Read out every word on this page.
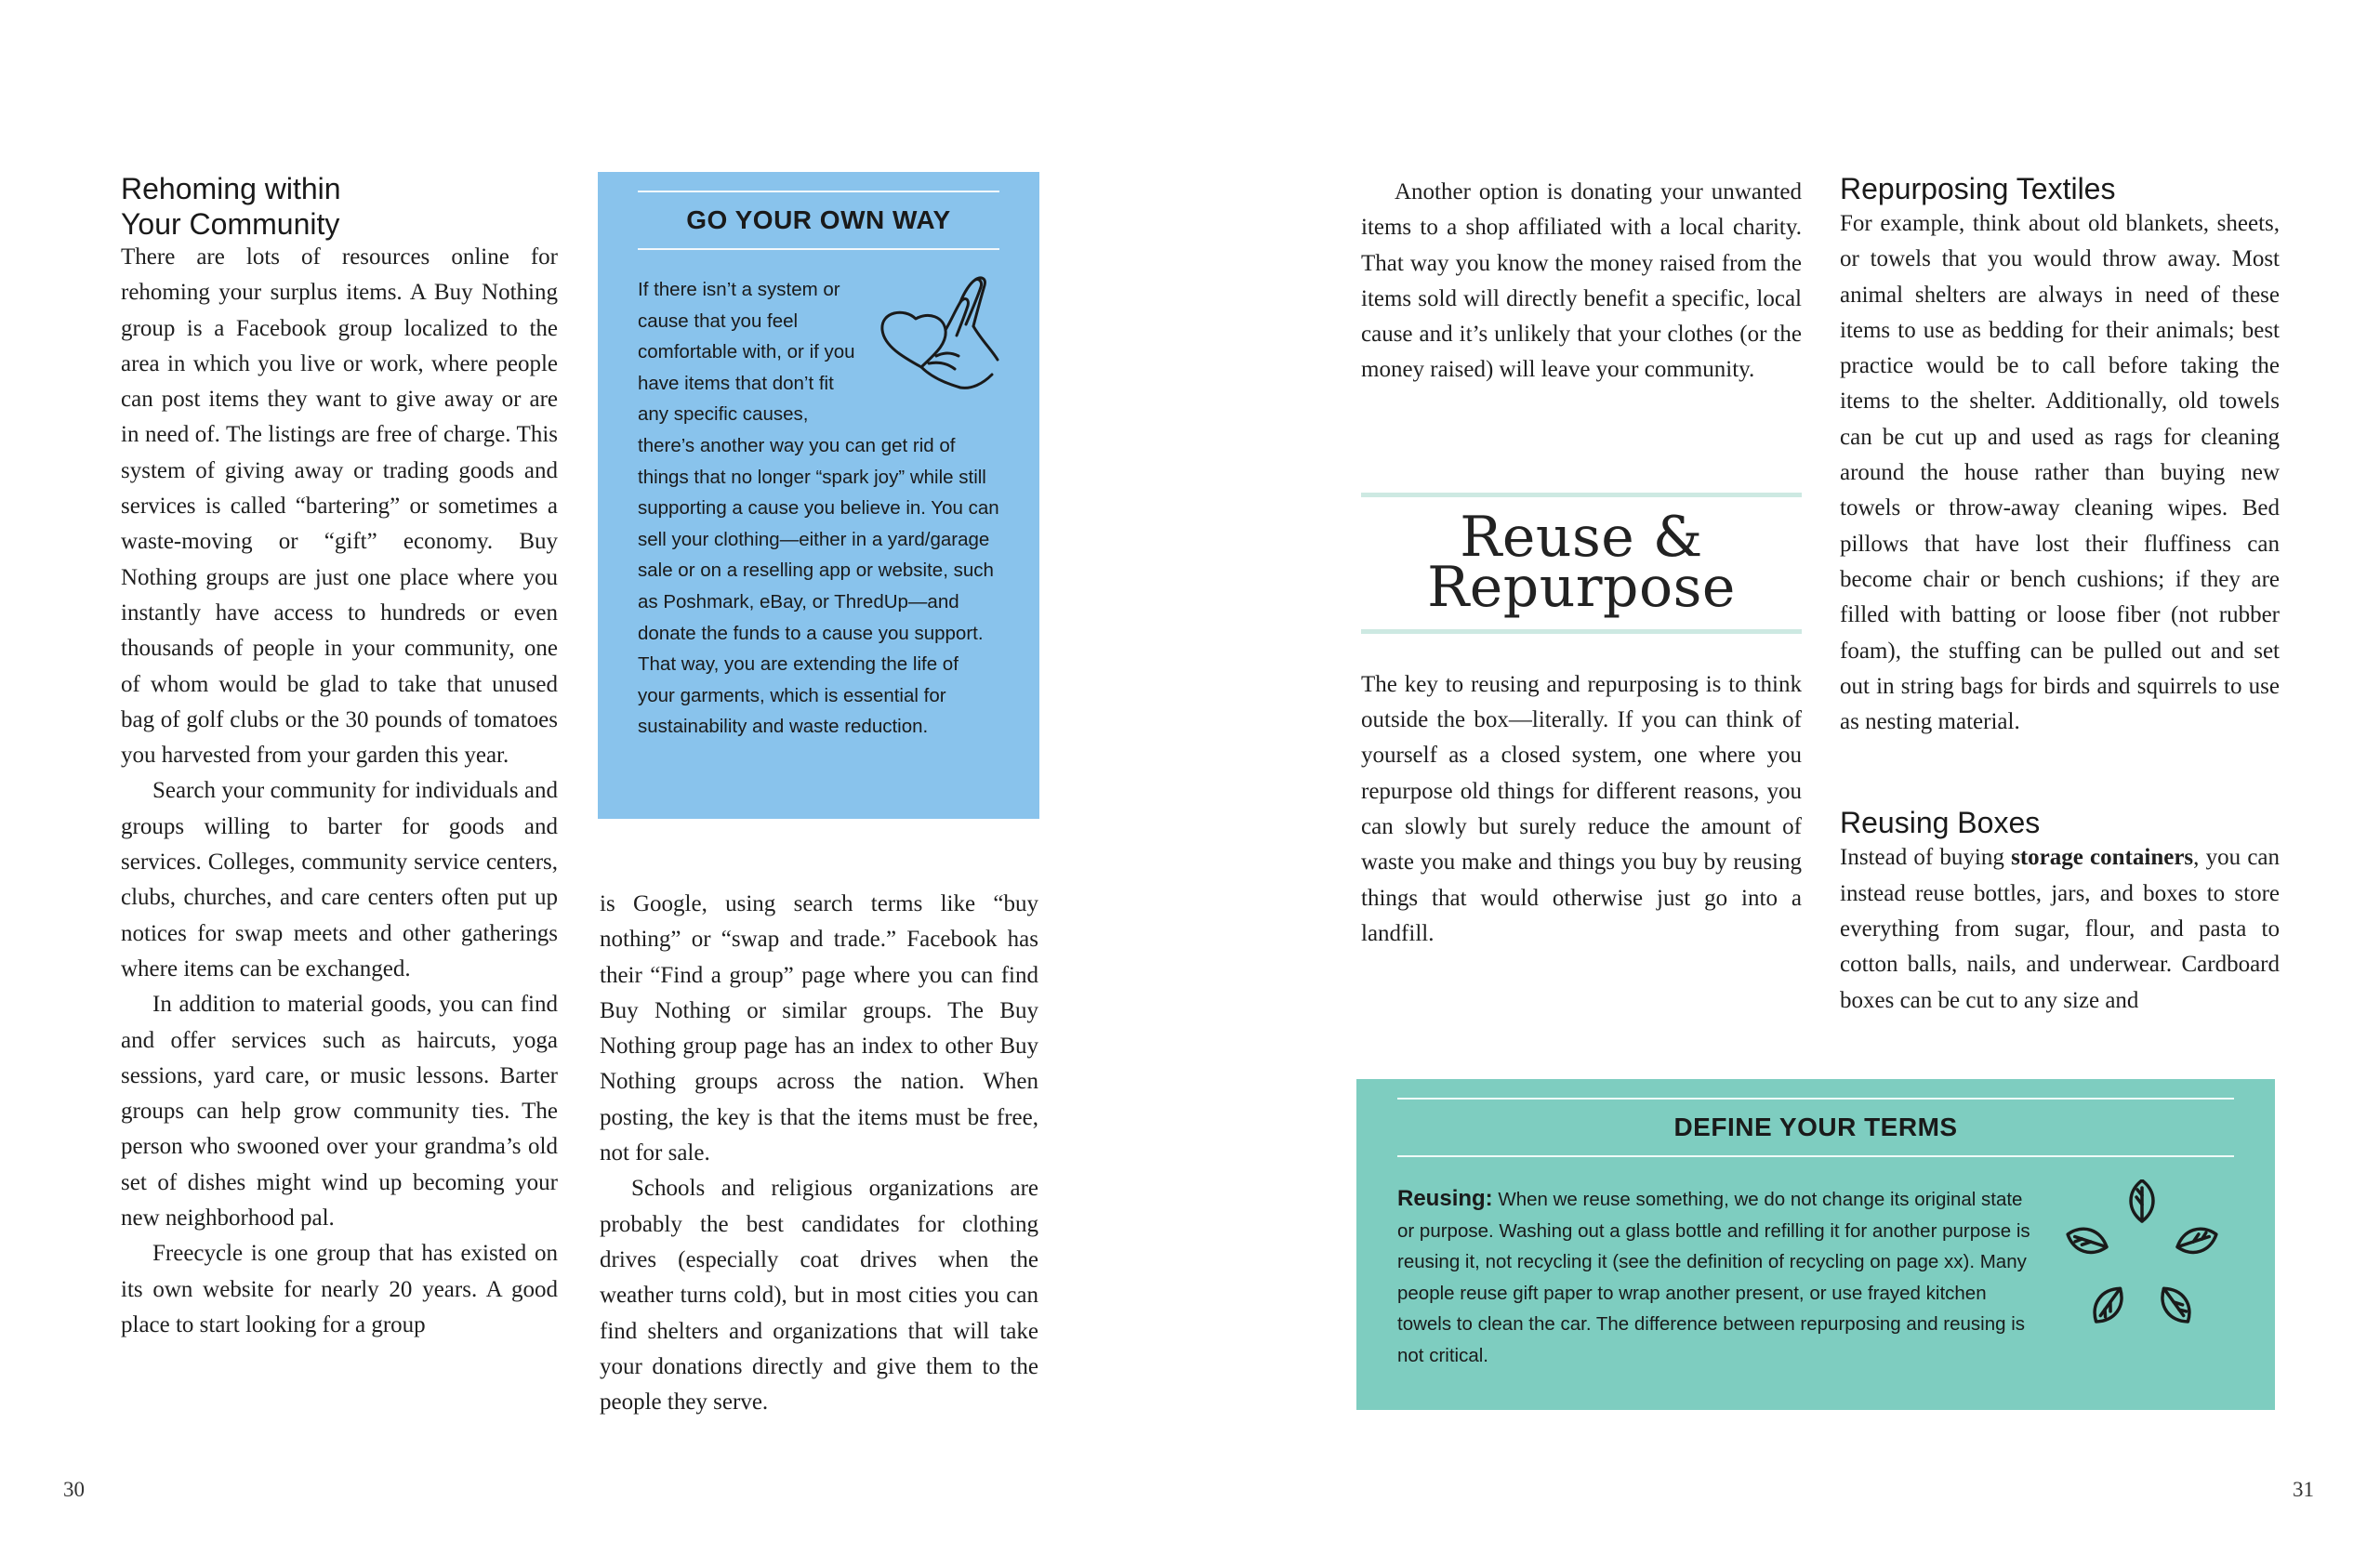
Rehoming within
Your Community

There are lots of resources online for rehoming your surplus items. A Buy Nothing group is a Facebook group localized to the area in which you live or work, where people can post items they want to give away or are in need of. The listings are free of charge. This system of giving away or trading goods and services is called “bartering” or sometimes a waste-moving or “gift” economy. Buy Nothing groups are just one place where you instantly have access to hundreds or even thousands of people in your community, one of whom would be glad to take that unused bag of golf clubs or the 30 pounds of tomatoes you harvested from your garden this year.

Search your community for individuals and groups willing to barter for goods and services. Colleges, community service centers, clubs, churches, and care centers often put up notices for swap meets and other gatherings where items can be exchanged.

In addition to material goods, you can find and offer services such as haircuts, yoga sessions, yard care, or music lessons. Barter groups can help grow community ties. The person who swooned over your grandma’s old set of dishes might wind up becoming your new neighborhood pal.

Freecycle is one group that has existed on its own website for nearly 20 years. A good place to start looking for a group

GO YOUR OWN WAY

If there isn’t a system or cause that you feel comfortable with, or if you have items that don’t fit any specific causes, there’s another way you can get rid of things that no longer “spark joy” while still supporting a cause you believe in. You can sell your clothing—either in a yard/garage sale or on a reselling app or website, such as Poshmark, eBay, or ThredUp—and donate the funds to a cause you support. That way, you are extending the life of your garments, which is essential for sustainability and waste reduction.

is Google, using search terms like “buy nothing” or “swap and trade.” Facebook has their “Find a group” page where you can find Buy Nothing or similar groups. The Buy Nothing group page has an index to other Buy Nothing groups across the nation. When posting, the key is that the items must be free, not for sale.

Schools and religious organizations are probably the best candidates for clothing drives (especially coat drives when the weather turns cold), but in most cities you can find shelters and organizations that will take your donations directly and give them to the people they serve.

30

Another option is donating your unwanted items to a shop affiliated with a local charity. That way you know the money raised from the items sold will directly benefit a specific, local cause and it’s unlikely that your clothes (or the money raised) will leave your community.

Reuse &
Repurpose

The key to reusing and repurposing is to think outside the box—literally. If you can think of yourself as a closed system, one where you repurpose old things for different reasons, you can slowly but surely reduce the amount of waste you make and things you buy by reusing things that would otherwise just go into a landfill.

Repurposing Textiles

For example, think about old blankets, sheets, or towels that you would throw away. Most animal shelters are always in need of these items to use as bedding for their animals; best practice would be to call before taking the items to the shelter. Additionally, old towels can be cut up and used as rags for cleaning around the house rather than buying new towels or throw-away cleaning wipes. Bed pillows that have lost their fluffiness can become chair or bench cushions; if they are filled with batting or loose fiber (not rubber foam), the stuffing can be pulled out and set out in string bags for birds and squirrels to use as nesting material.

Reusing Boxes

Instead of buying storage containers, you can instead reuse bottles, jars, and boxes to store everything from sugar, flour, and pasta to cotton balls, nails, and underwear. Cardboard boxes can be cut to any size and

DEFINE YOUR TERMS

Reusing: When we reuse something, we do not change its original state or purpose. Washing out a glass bottle and refilling it for another purpose is reusing it, not recycling it (see the definition of recycling on page xx). Many people reuse gift paper to wrap another present, or use frayed kitchen towels to clean the car. The difference between repurposing and reusing is not critical.

31
